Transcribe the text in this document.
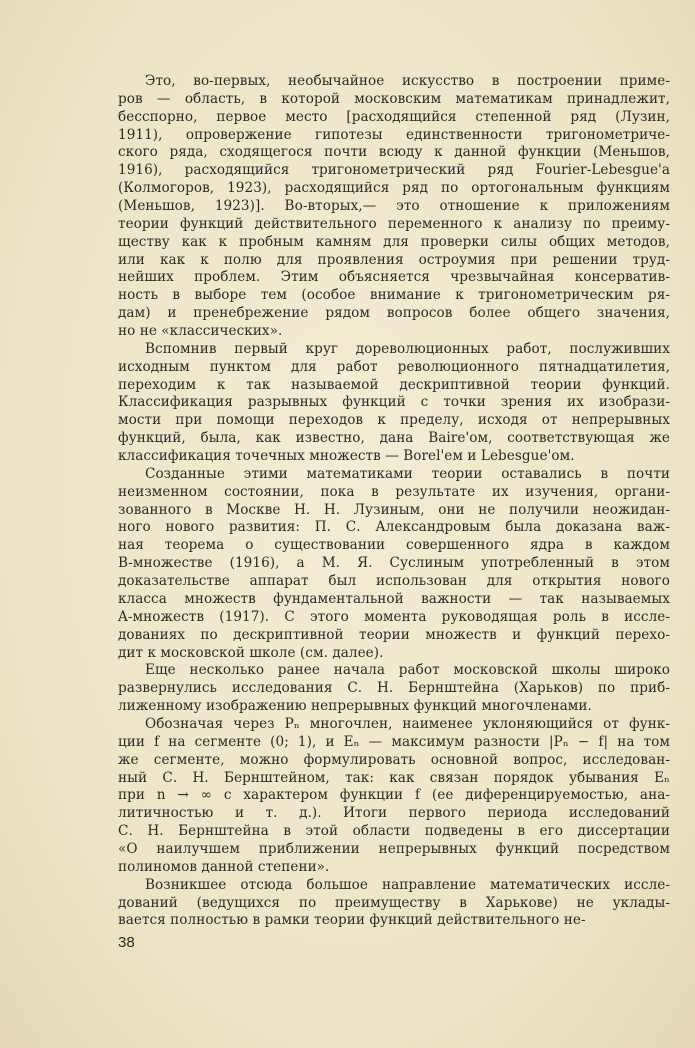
Это, во-первых, необычайное искусство в построении приме-
ров — область, в которой московским математикам принадлежит,
бесспорно, первое место [расходящийся степенной ряд (Лузин,
1911), опровержение гипотезы единственности тригонометриче-
ского ряда, сходящегося почти всюду к данной функции (Меньшов,
1916), расходящийся тригонометрический ряд Fourier-Lebesgue'a
(Колмогоров, 1923), расходящийся ряд по ортогональным функциям
(Меньшов, 1923)]. Во-вторых,— это отношение к приложениям
теории функций действительного переменного к анализу по преиму-
ществу как к пробным камням для проверки силы общих методов,
или как к полю для проявления остроумия при решении труд-
нейших проблем. Этим объясняется чрезвычайная консерватив-
ность в выборе тем (особое внимание к тригонометрическим ря-
дам) и пренебрежение рядом вопросов более общего значения,
но не «классических».
Вспомнив первый круг дореволюционных работ, послуживших
исходным пунктом для работ революционного пятнадцатилетия,
переходим к так называемой дескриптивной теории функций.
Классификация разрывных функций с точки зрения их изобрази-
мости при помощи переходов к пределу, исходя от непрерывных
функций, была, как известно, дана Baire'ом, соответствующая же
классификация точечных множеств — Borel'ем и Lebesgue'ом.
Созданные этими математиками теории оставались в почти
неизменном состоянии, пока в результате их изучения, органи-
зованного в Москве Н. Н. Лузиным, они не получили неожидан-
ного нового развития: П. С. Александровым была доказана важ-
ная теорема о существовании совершенного ядра в каждом
B-множестве (1916), а М. Я. Суслиным употребленный в этом
доказательстве аппарат был использован для открытия нового
класса множеств фундаментальной важности — так называемых
A-множеств (1917). С этого момента руководящая роль в иссле-
дованиях по дескриптивной теории множеств и функций перехо-
дит к московской школе (см. далее).
Еще несколько ранее начала работ московской школы широко
развернулись исследования С. Н. Бернштейна (Харьков) по приб-
лиженному изображению непрерывных функций многочленами.
Обозначая через Pₙ многочлен, наименее уклоняющийся от функ-
ции f на сегменте (0; 1), и Eₙ — максимум разности |Pₙ − f| на том
же сегменте, можно формулировать основной вопрос, исследован-
ный С. Н. Бернштейном, так: как связан порядок убывания Eₙ
при n → ∞ с характером функции f (ее диференцируемостью, ана-
литичностью и т. д.). Итоги первого периода исследований
С. Н. Бернштейна в этой области подведены в его диссертации
«О наилучшем приближении непрерывных функций посредством
полиномов данной степени».
Возникшее отсюда большое направление математических иссле-
дований (ведущихся по преимуществу в Харькове) не уклады-
вается полностью в рамки теории функций действительного не-
38
